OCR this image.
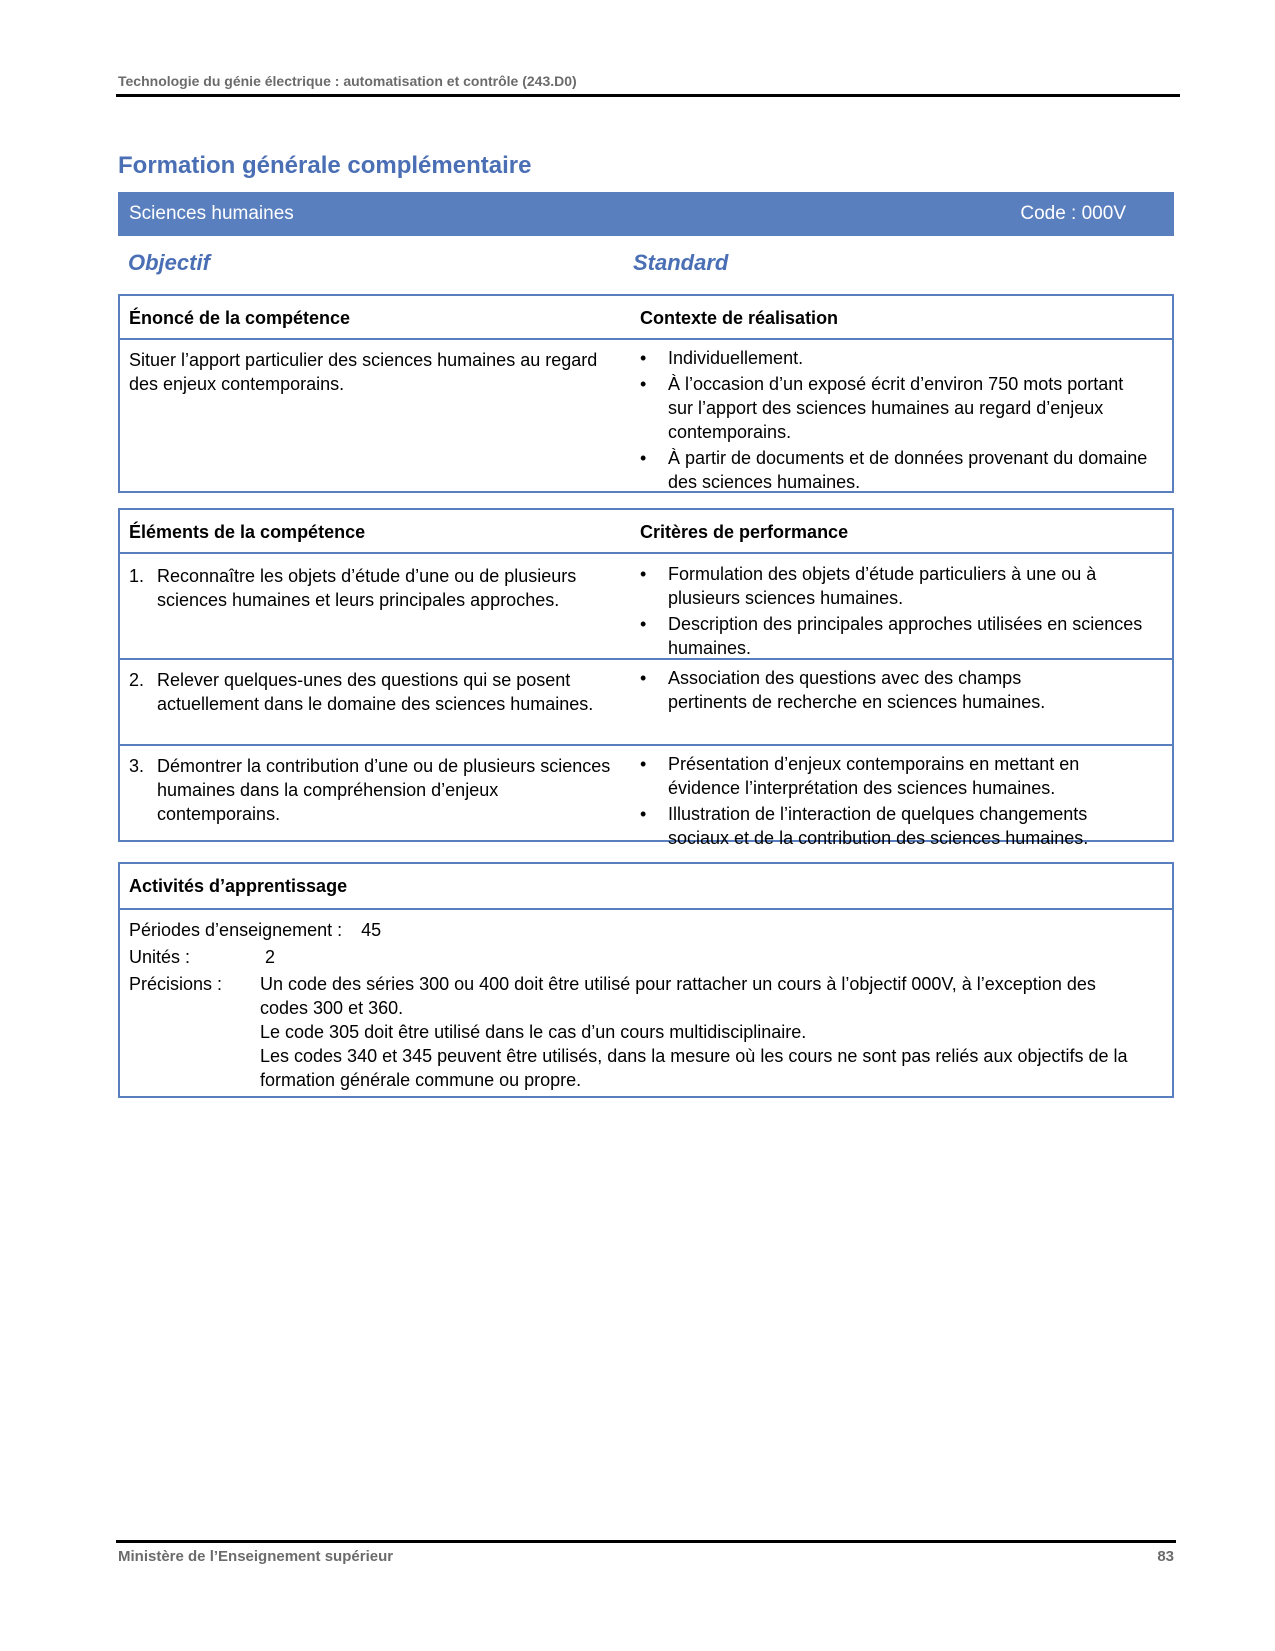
Technologie du génie électrique : automatisation et contrôle (243.D0)
Formation générale complémentaire
Sciences humaines	Code : 000V
Objectif	Standard
Énoncé de la compétence	Contexte de réalisation
Situer l’apport particulier des sciences humaines au regard des enjeux contemporains.
• Individuellement.
• À l’occasion d’un exposé écrit d’environ 750 mots portant sur l’apport des sciences humaines au regard d’enjeux contemporains.
• À partir de documents et de données provenant du domaine des sciences humaines.
Éléments de la compétence	Critères de performance
1. Reconnaître les objets d’étude d’une ou de plusieurs sciences humaines et leurs principales approches.
• Formulation des objets d’étude particuliers à une ou à plusieurs sciences humaines.
• Description des principales approches utilisées en sciences humaines.
2. Relever quelques-unes des questions qui se posent actuellement dans le domaine des sciences humaines.
• Association des questions avec des champs pertinents de recherche en sciences humaines.
3. Démontrer la contribution d’une ou de plusieurs sciences humaines dans la compréhension d’enjeux contemporains.
• Présentation d’enjeux contemporains en mettant en évidence l’interprétation des sciences humaines.
• Illustration de l’interaction de quelques changements sociaux et de la contribution des sciences humaines.
Activités d’apprentissage
Périodes d’enseignement : 45
Unités :	2
Précisions : Un code des séries 300 ou 400 doit être utilisé pour rattacher un cours à l’objectif 000V, à l’exception des codes 300 et 360.
Le code 305 doit être utilisé dans le cas d’un cours multidisciplinaire.
Les codes 340 et 345 peuvent être utilisés, dans la mesure où les cours ne sont pas reliés aux objectifs de la formation générale commune ou propre.
Ministère de l’Enseignement supérieur	83
